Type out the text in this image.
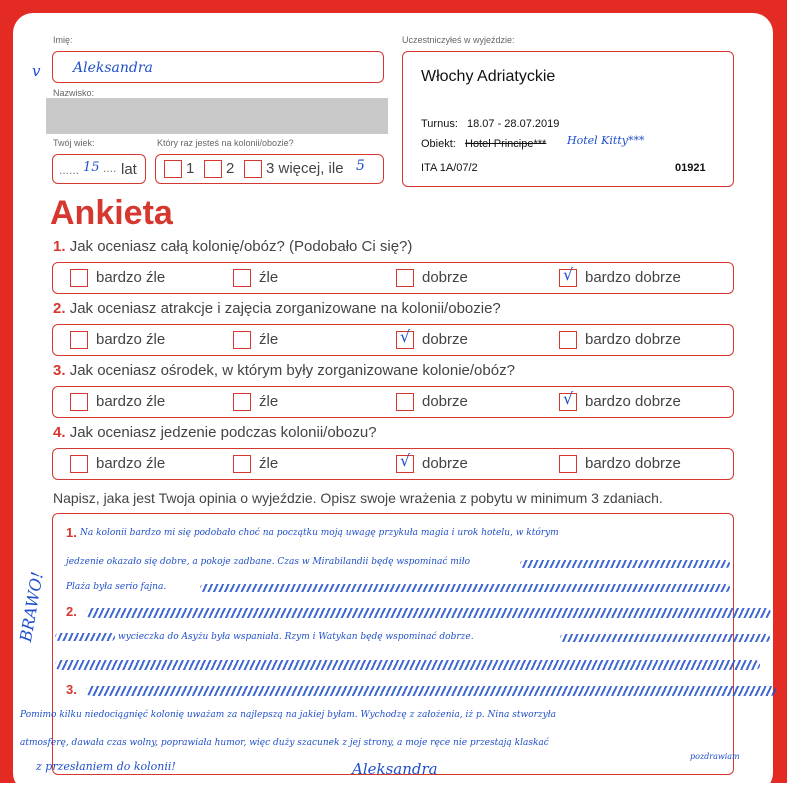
Imię:
v Aleksandra
Nazwisko:
Twój wiek:
...... 15 .... lat
Który raz jesteś na kolonii/obozie?
1 2 3 więcej, ile 5
Uczestniczyłeś w wyjeździe:
Włochy Adriatyckie
Turnus: 18.07 - 28.07.2019
Obiekt: Hotel Principe*** Hotel Kitty***
ITA 1A/07/2	01921
Ankieta
1. Jak oceniasz całą kolonię/obóz? (Podobało Ci się?)
bardzo źle	źle	dobrze	√ bardzo dobrze
2. Jak oceniasz atrakcje i zajęcia zorganizowane na kolonii/obozie?
bardzo źle	źle	√ dobrze	bardzo dobrze
3. Jak oceniasz ośrodek, w którym były zorganizowane kolonie/obóz?
bardzo źle	źle	dobrze	√ bardzo dobrze
4. Jak oceniasz jedzenie podczas kolonii/obozu?
bardzo źle	źle	√ dobrze	bardzo dobrze
Napisz, jaka jest Twoja opinia o wyjeździe. Opisz swoje wrażenia z pobytu w minimum 3 zdaniach.
1.
2.
3.
Na kolonii bardzo mi się podobało choć na początku moją uwagę przykuła magia i urok hotelu, w którym
jedzenie okazało się dobre, a pokoje zadbane. Czas w Mirabilandii będę wspominać miło
Plaża była serio fajna.
wycieczka do Asyżu była wspaniała. Rzym i Watykan będę wspominać dobrze.
Pomimo kilku niedociągnięć kolonię uważam za najlepszą na jakiej byłam. Wychodzę z założenia, iż p. Nina stworzyła
atmosferę, dawała czas wolny, poprawiała humor, więc duży szacunek z jej strony, a moje ręce nie przestają klaskać
z przesłaniem do kolonii!
BRAWO!
Aleksandra
pozdrawiam
